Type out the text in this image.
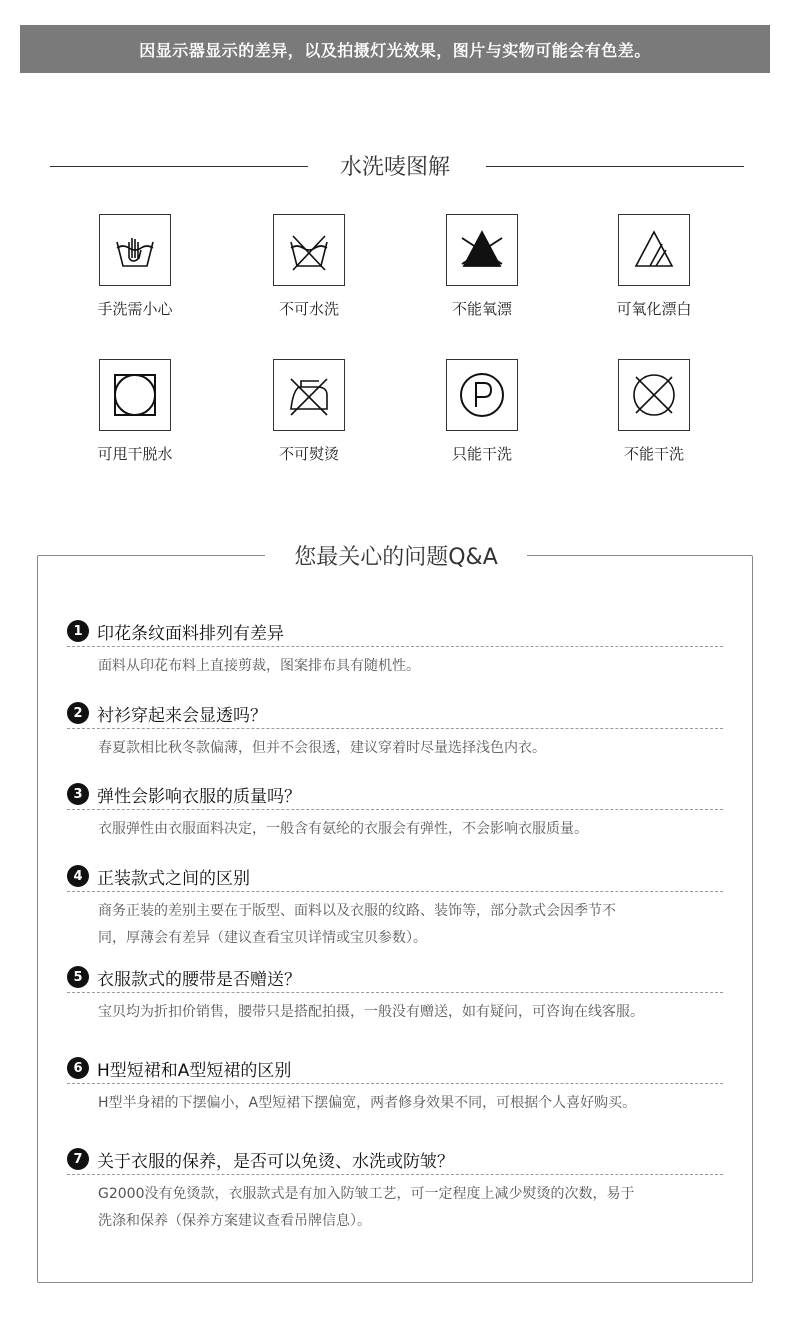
因显示器显示的差异，以及拍摄灯光效果，图片与实物可能会有色差。
水洗唛图解
手洗需小心	不可水洗	不能氧漂	可氧化漂白
可甩干脱水	不可熨烫	只能干洗	不能干洗
您最关心的问题Q&A
1 印花条纹面料排列有差异
面料从印花布料上直接剪裁，图案排布具有随机性。
2 衬衫穿起来会显透吗？
春夏款相比秋冬款偏薄，但并不会很透，建议穿着时尽量选择浅色内衣。
3 弹性会影响衣服的质量吗？
衣服弹性由衣服面料决定，一般含有氨纶的衣服会有弹性，不会影响衣服质量。
4 正装款式之间的区别
商务正装的差别主要在于版型、面料以及衣服的纹路、装饰等，部分款式会因季节不
同，厚薄会有差异（建议查看宝贝详情或宝贝参数）。
5 衣服款式的腰带是否赠送？
宝贝均为折扣价销售，腰带只是搭配拍摄，一般没有赠送，如有疑问，可咨询在线客服。
6 H型短裙和A型短裙的区别
H型半身裙的下摆偏小，A型短裙下摆偏宽，两者修身效果不同，可根据个人喜好购买。
7 关于衣服的保养，是否可以免烫、水洗或防皱？
G2000没有免烫款，衣服款式是有加入防皱工艺，可一定程度上减少熨烫的次数，易于
洗涤和保养（保养方案建议查看吊牌信息）。
